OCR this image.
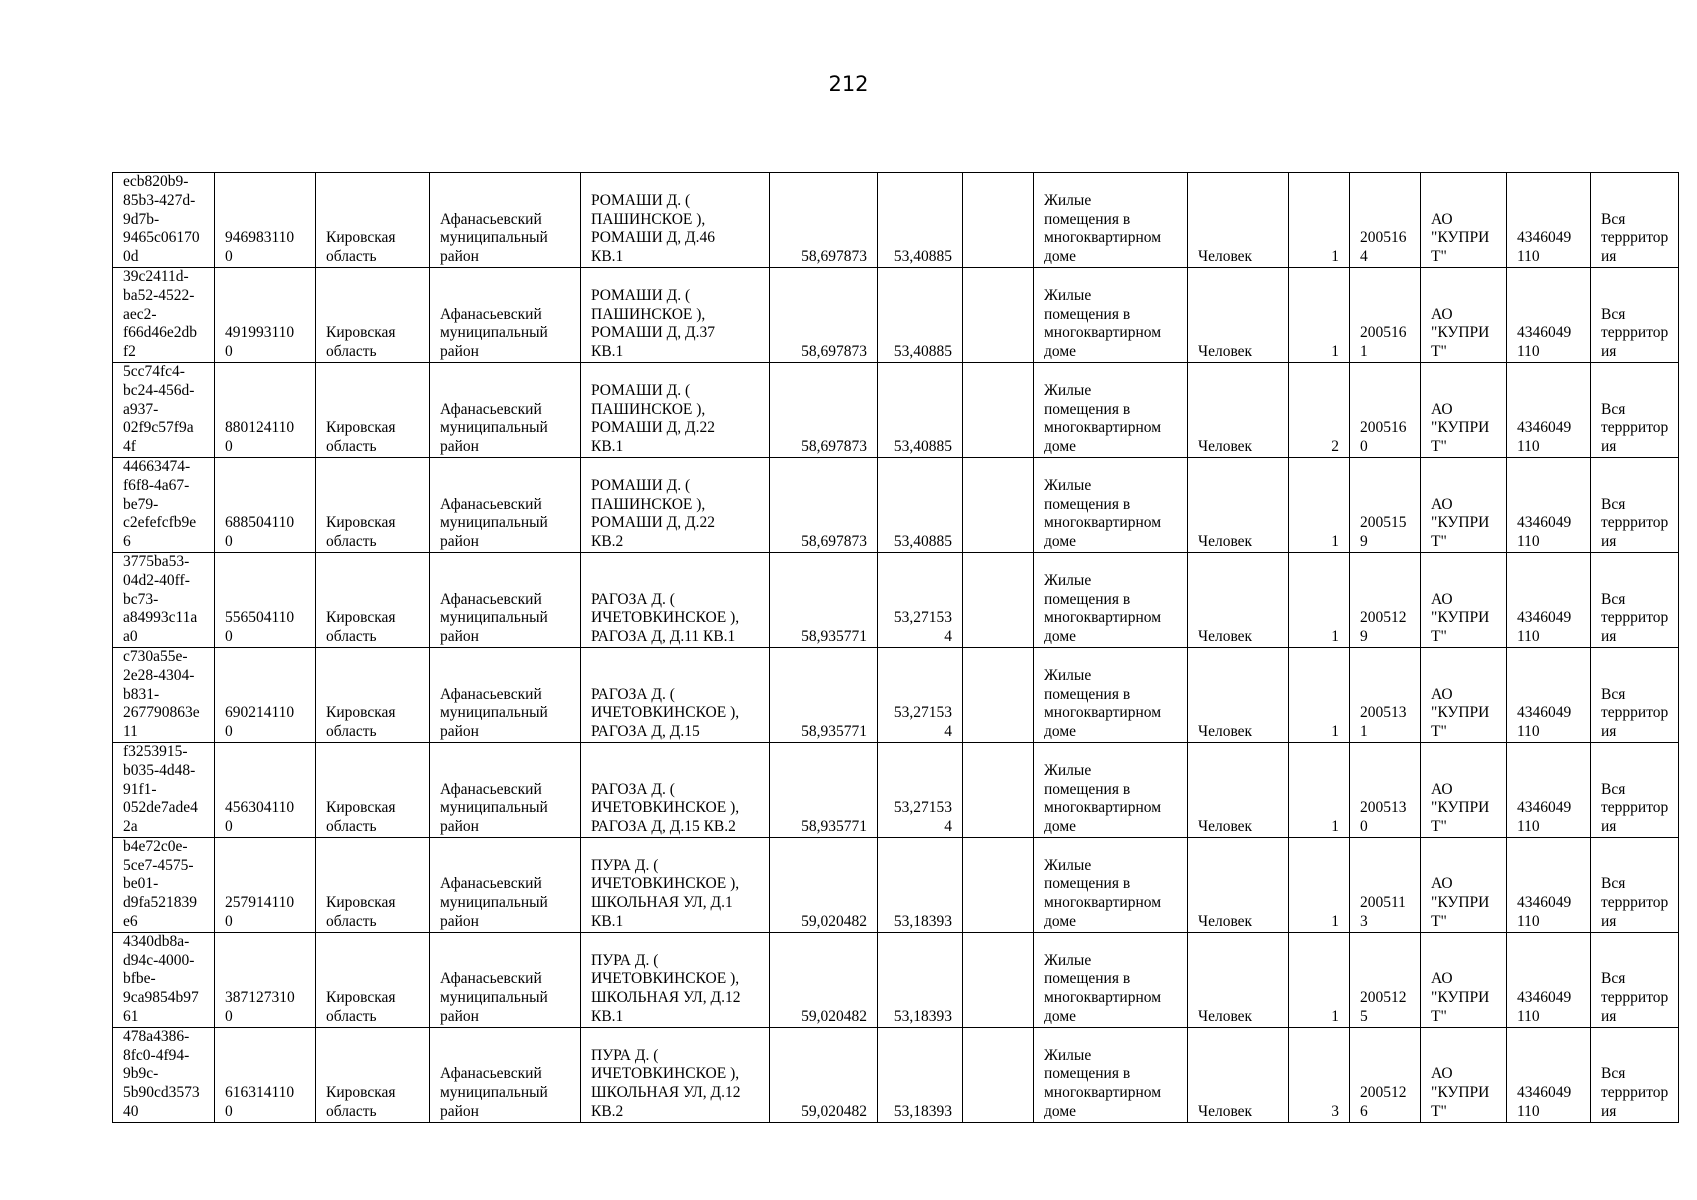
212
ecb820b9-
85b3-427d-
9d7b-
9465c06170
0d	946983110
0	Кировская
область	Афанасьевский
муниципальный
район	РОМАШИ Д. (
ПАШИНСКОЕ ),
РОМАШИ Д, Д.46
КВ.1	58,697873	53,40885		Жилые
помещения в
многоквартирном
доме	Человек	1	200516
4	АО
"КУПРИ
Т"	4346049
110	Вся
террритор
ия
39c2411d-
ba52-4522-
aec2-
f66d46e2db
f2	491993110
0	Кировская
область	Афанасьевский
муниципальный
район	РОМАШИ Д. (
ПАШИНСКОЕ ),
РОМАШИ Д, Д.37
КВ.1	58,697873	53,40885		Жилые
помещения в
многоквартирном
доме	Человек	1	200516
1	АО
"КУПРИ
Т"	4346049
110	Вся
террритор
ия
5cc74fc4-
bc24-456d-
a937-
02f9c57f9a
4f	880124110
0	Кировская
область	Афанасьевский
муниципальный
район	РОМАШИ Д. (
ПАШИНСКОЕ ),
РОМАШИ Д, Д.22
КВ.1	58,697873	53,40885		Жилые
помещения в
многоквартирном
доме	Человек	2	200516
0	АО
"КУПРИ
Т"	4346049
110	Вся
террритор
ия
44663474-
f6f8-4a67-
be79-
c2efefcfb9e
6	688504110
0	Кировская
область	Афанасьевский
муниципальный
район	РОМАШИ Д. (
ПАШИНСКОЕ ),
РОМАШИ Д, Д.22
КВ.2	58,697873	53,40885		Жилые
помещения в
многоквартирном
доме	Человек	1	200515
9	АО
"КУПРИ
Т"	4346049
110	Вся
террритор
ия
3775ba53-
04d2-40ff-
bc73-
a84993c11a
a0	556504110
0	Кировская
область	Афанасьевский
муниципальный
район	РАГОЗА Д. (
ИЧЕТОВКИНСКОЕ ),
РАГОЗА Д, Д.11 КВ.1	58,935771	53,27153
4		Жилые
помещения в
многоквартирном
доме	Человек	1	200512
9	АО
"КУПРИ
Т"	4346049
110	Вся
террритор
ия
c730a55e-
2e28-4304-
b831-
267790863e
11	690214110
0	Кировская
область	Афанасьевский
муниципальный
район	РАГОЗА Д. (
ИЧЕТОВКИНСКОЕ ),
РАГОЗА Д, Д.15	58,935771	53,27153
4		Жилые
помещения в
многоквартирном
доме	Человек	1	200513
1	АО
"КУПРИ
Т"	4346049
110	Вся
террритор
ия
f3253915-
b035-4d48-
91f1-
052de7ade4
2a	456304110
0	Кировская
область	Афанасьевский
муниципальный
район	РАГОЗА Д. (
ИЧЕТОВКИНСКОЕ ),
РАГОЗА Д, Д.15 КВ.2	58,935771	53,27153
4		Жилые
помещения в
многоквартирном
доме	Человек	1	200513
0	АО
"КУПРИ
Т"	4346049
110	Вся
террритор
ия
b4e72c0e-
5ce7-4575-
be01-
d9fa521839
e6	257914110
0	Кировская
область	Афанасьевский
муниципальный
район	ПУРА Д. (
ИЧЕТОВКИНСКОЕ ),
ШКОЛЬНАЯ УЛ, Д.1
КВ.1	59,020482	53,18393		Жилые
помещения в
многоквартирном
доме	Человек	1	200511
3	АО
"КУПРИ
Т"	4346049
110	Вся
террритор
ия
4340db8a-
d94c-4000-
bfbe-
9ca9854b97
61	387127310
0	Кировская
область	Афанасьевский
муниципальный
район	ПУРА Д. (
ИЧЕТОВКИНСКОЕ ),
ШКОЛЬНАЯ УЛ, Д.12
КВ.1	59,020482	53,18393		Жилые
помещения в
многоквартирном
доме	Человек	1	200512
5	АО
"КУПРИ
Т"	4346049
110	Вся
террритор
ия
478a4386-
8fc0-4f94-
9b9c-
5b90cd3573
40	616314110
0	Кировская
область	Афанасьевский
муниципальный
район	ПУРА Д. (
ИЧЕТОВКИНСКОЕ ),
ШКОЛЬНАЯ УЛ, Д.12
КВ.2	59,020482	53,18393		Жилые
помещения в
многоквартирном
доме	Человек	3	200512
6	АО
"КУПРИ
Т"	4346049
110	Вся
террритор
ия
